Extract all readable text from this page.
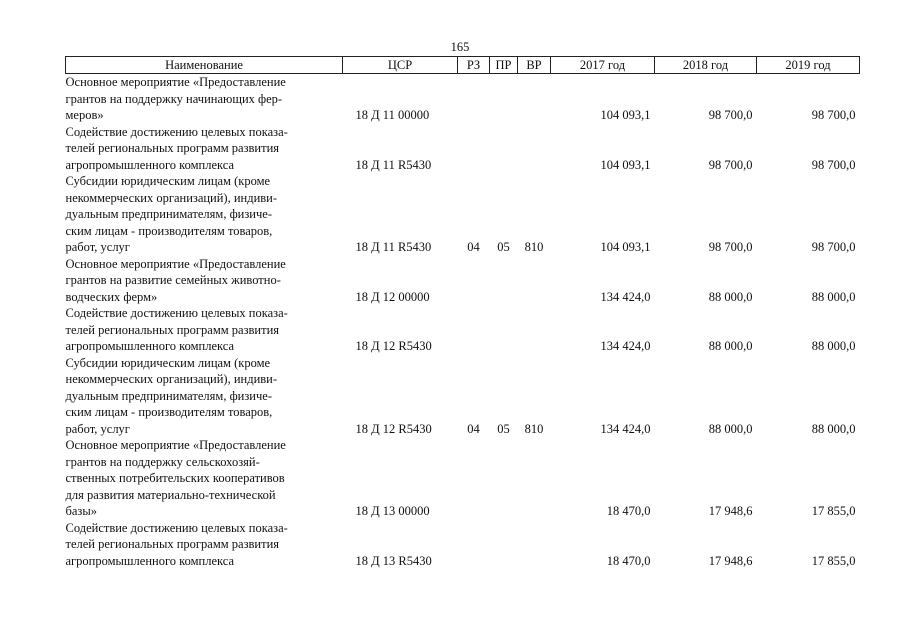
165
Наименование	ЦСР	РЗ	ПР	ВР	2017 год	2018 год	2019 год

Основное мероприятие «Предоставление
грантов на поддержку начинающих фер-
меров»	18 Д 11 00000				104 093,1	98 700,0	98 700,0

Содействие достижению целевых показа-
телей региональных программ развития
агропромышленного комплекса	18 Д 11 R5430				104 093,1	98 700,0	98 700,0

Субсидии юридическим лицам (кроме
некоммерческих организаций), индиви-
дуальным предпринимателям, физиче-
ским лицам - производителям товаров,
работ, услуг	18 Д 11 R5430	04	05	810	104 093,1	98 700,0	98 700,0

Основное мероприятие «Предоставление
грантов на развитие семейных животно-
водческих ферм»	18 Д 12 00000				134 424,0	88 000,0	88 000,0

Содействие достижению целевых показа-
телей региональных программ развития
агропромышленного комплекса	18 Д 12 R5430				134 424,0	88 000,0	88 000,0

Субсидии юридическим лицам (кроме
некоммерческих организаций), индиви-
дуальным предпринимателям, физиче-
ским лицам - производителям товаров,
работ, услуг	18 Д 12 R5430	04	05	810	134 424,0	88 000,0	88 000,0

Основное мероприятие «Предоставление
грантов на поддержку сельскохозяй-
ственных потребительских кооперативов
для развития материально-технической
базы»	18 Д 13 00000				18 470,0	17 948,6	17 855,0

Содействие достижению целевых показа-
телей региональных программ развития
агропромышленного комплекса	18 Д 13 R5430				18 470,0	17 948,6	17 855,0
